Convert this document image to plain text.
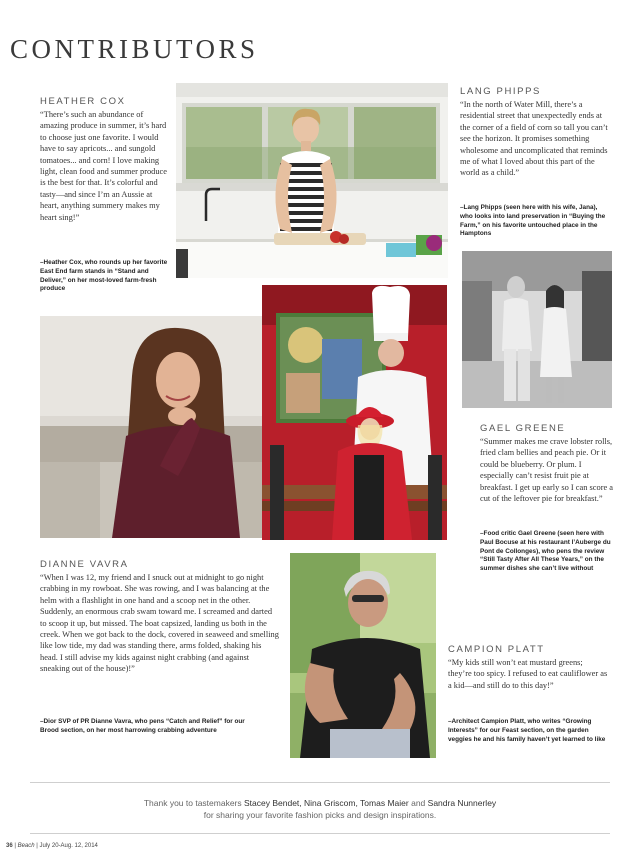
CONTRIBUTORS
HEATHER COX
“There’s such an abundance of amazing produce in summer, it’s hard to choose just one favorite. I would have to say apricots... and sungold tomatoes... and corn! I love making light, clean food and summer produce is the best for that. It’s colorful and tasty—and since I’m an Aussie at heart, anything summery makes my heart sing!”
–Heather Cox, who rounds up her favorite East End farm stands in “Stand and Deliver,” on her most-loved farm-fresh produce
LANG PHIPPS
“In the north of Water Mill, there’s a residential street that unexpectedly ends at the corner of a field of corn so tall you can’t see the horizon. It promises something wholesome and uncomplicated that reminds me of what I loved about this part of the world as a child.”
–Lang Phipps (seen here with his wife, Jana), who looks into land preservation in “Buying the Farm,” on his favorite untouched place in the Hamptons
GAEL GREENE
“Summer makes me crave lobster rolls, fried clam bellies and peach pie. Or it could be blueberry. Or plum. I especially can’t resist fruit pie at breakfast. I get up early so I can score a cut of the leftover pie for breakfast.”
–Food critic Gael Greene (seen here with Paul Bocuse at his restaurant l’Auberge du Pont de Collonges), who pens the review “Still Tasty After All These Years,” on the summer dishes she can’t live without
DIANNE VAVRA
“When I was 12, my friend and I snuck out at midnight to go night crabbing in my rowboat. She was rowing, and I was balancing at the helm with a flashlight in one hand and a scoop net in the other. Suddenly, an enormous crab swam toward me. I screamed and darted to scoop it up, but missed. The boat capsized, landing us both in the creek. When we got back to the dock, covered in seaweed and smelling like low tide, my dad was standing there, arms folded, shaking his head. I still advise my kids against night crabbing (and against sneaking out of the house)!”
–Dior SVP of PR Dianne Vavra, who pens “Catch and Relief” for our Brood section, on her most harrowing crabbing adventure
CAMPION PLATT
“My kids still won’t eat mustard greens; they’re too spicy. I refused to eat cauliflower as a kid—and still do to this day!”
–Architect Campion Platt, who writes “Growing Interests” for our Feast section, on the garden veggies he and his family haven’t yet learned to like
Thank you to tastemakers Stacey Bendet, Nina Griscom, Tomas Maier and Sandra Nunnerley
for sharing your favorite fashion picks and design inspirations.
36 | Beach | July 20-Aug. 12, 2014
